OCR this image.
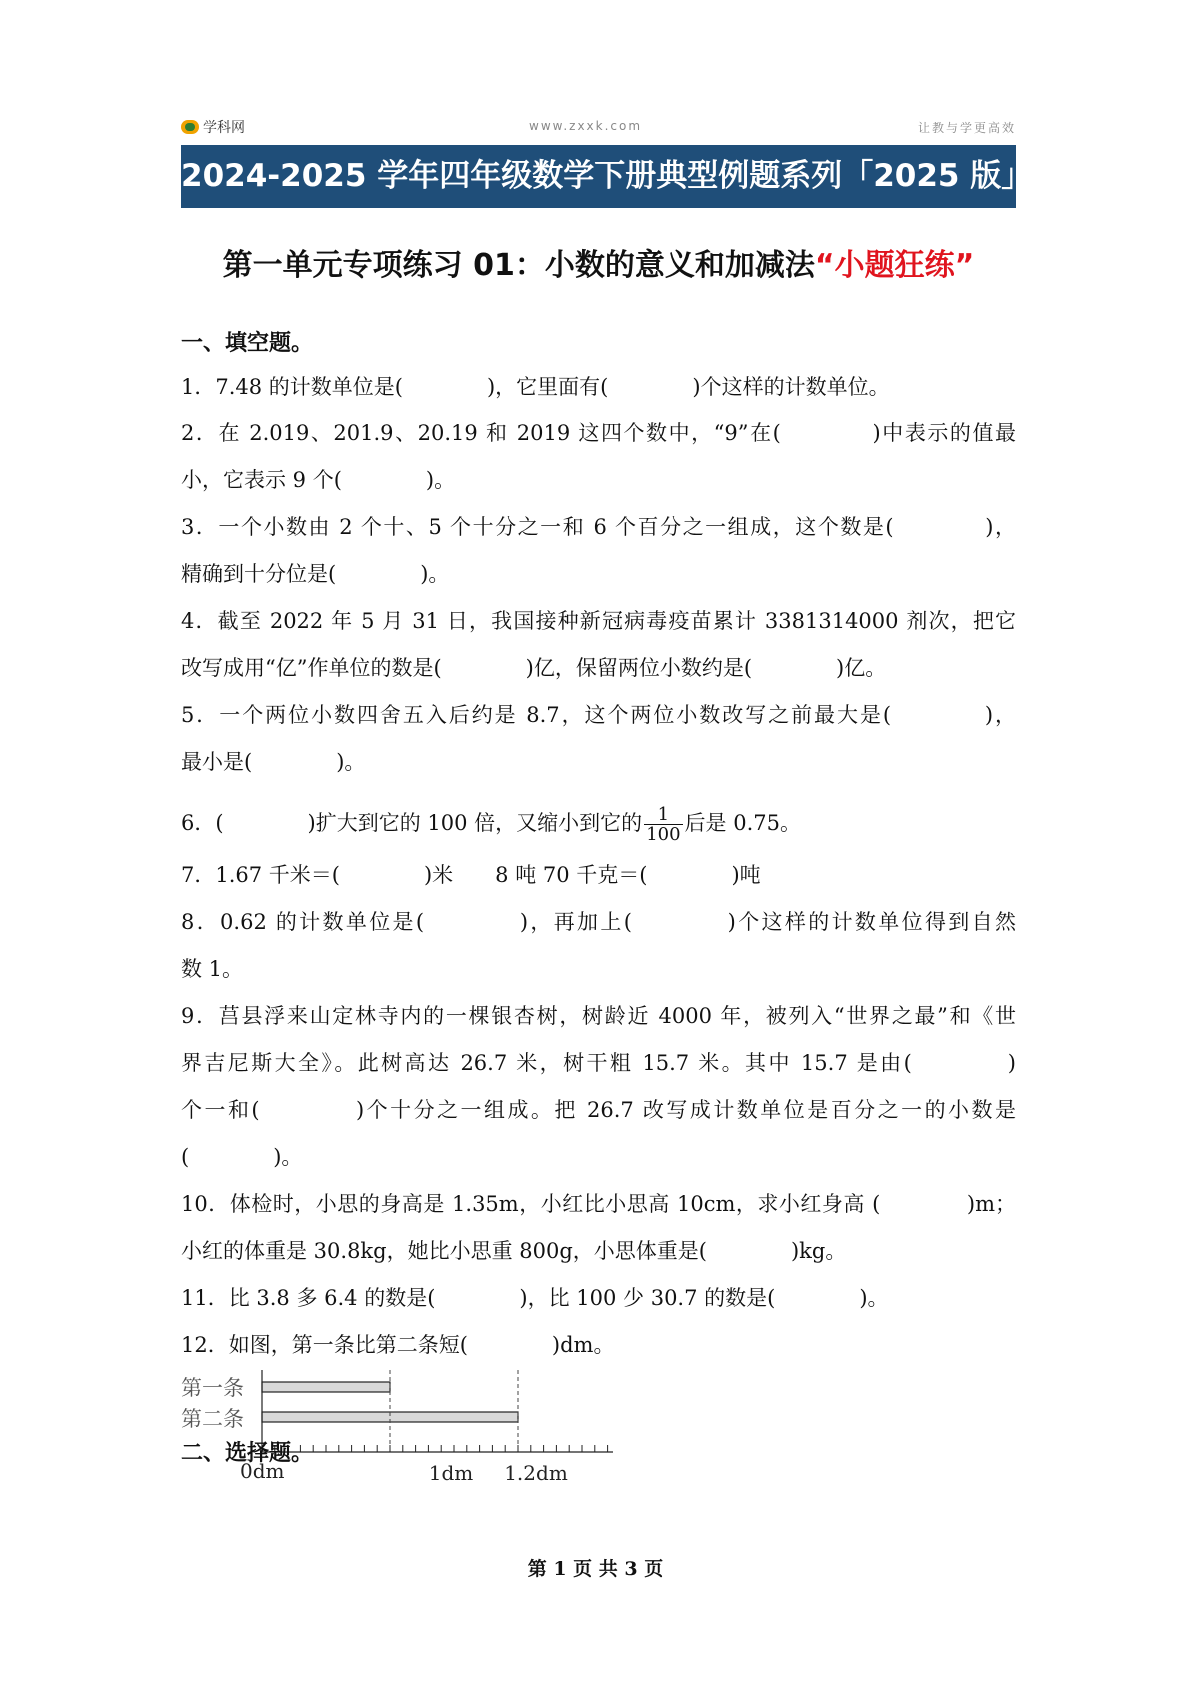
学科网	www.zxxk.com	让教与学更高效
2024-2025 学年四年级数学下册典型例题系列「2025 版」
第一单元专项练习 01：小数的意义和加减法“小题狂练”
一、填空题。
1．7.48 的计数单位是(　　　　)，它里面有(　　　　)个这样的计数单位。
2．在 2.019、201.9、20.19 和 2019 这四个数中，“9”在(　　　　)中表示的值最
小，它表示 9 个(　　　　)。
3．一个小数由 2 个十、5 个十分之一和 6 个百分之一组成，这个数是(　　　　)，
精确到十分位是(　　　　)。
4．截至 2022 年 5 月 31 日，我国接种新冠病毒疫苗累计 3381314000 剂次，把它
改写成用“亿”作单位的数是(　　　　)亿，保留两位小数约是(　　　　)亿。
5．一个两位小数四舍五入后约是 8.7，这个两位小数改写之前最大是(　　　　)，
最小是(　　　　)。
6．(　　　　)扩大到它的 100 倍，又缩小到它的 $\frac{1}{100}$ 后是 0.75。
7．1.67 千米＝(　　　　)米　　8 吨 70 千克＝(　　　　)吨
8．0.62 的计数单位是(　　　　)，再加上(　　　　)个这样的计数单位得到自然
数 1。
9．莒县浮来山定林寺内的一棵银杏树，树龄近 4000 年，被列入“世界之最”和《世
界吉尼斯大全》。此树高达 26.7 米，树干粗 15.7 米。其中 15.7 是由(　　　　)
个一和(　　　　)个十分之一组成。把 26.7 改写成计数单位是百分之一的小数是
(　　　　)。
10．体检时，小思的身高是 1.35m，小红比小思高 10cm，求小红身高 (　　　　)m；
小红的体重是 30.8kg，她比小思重 800g，小思体重是(　　　　)kg。
11．比 3.8 多 6.4 的数是(　　　　)，比 100 少 30.7 的数是(　　　　)。
12．如图，第一条比第二条短(　　　　)dm。
第一条
第二条
0dm	1dm 1.2dm
二、选择题。
第 1 页 共 3 页
